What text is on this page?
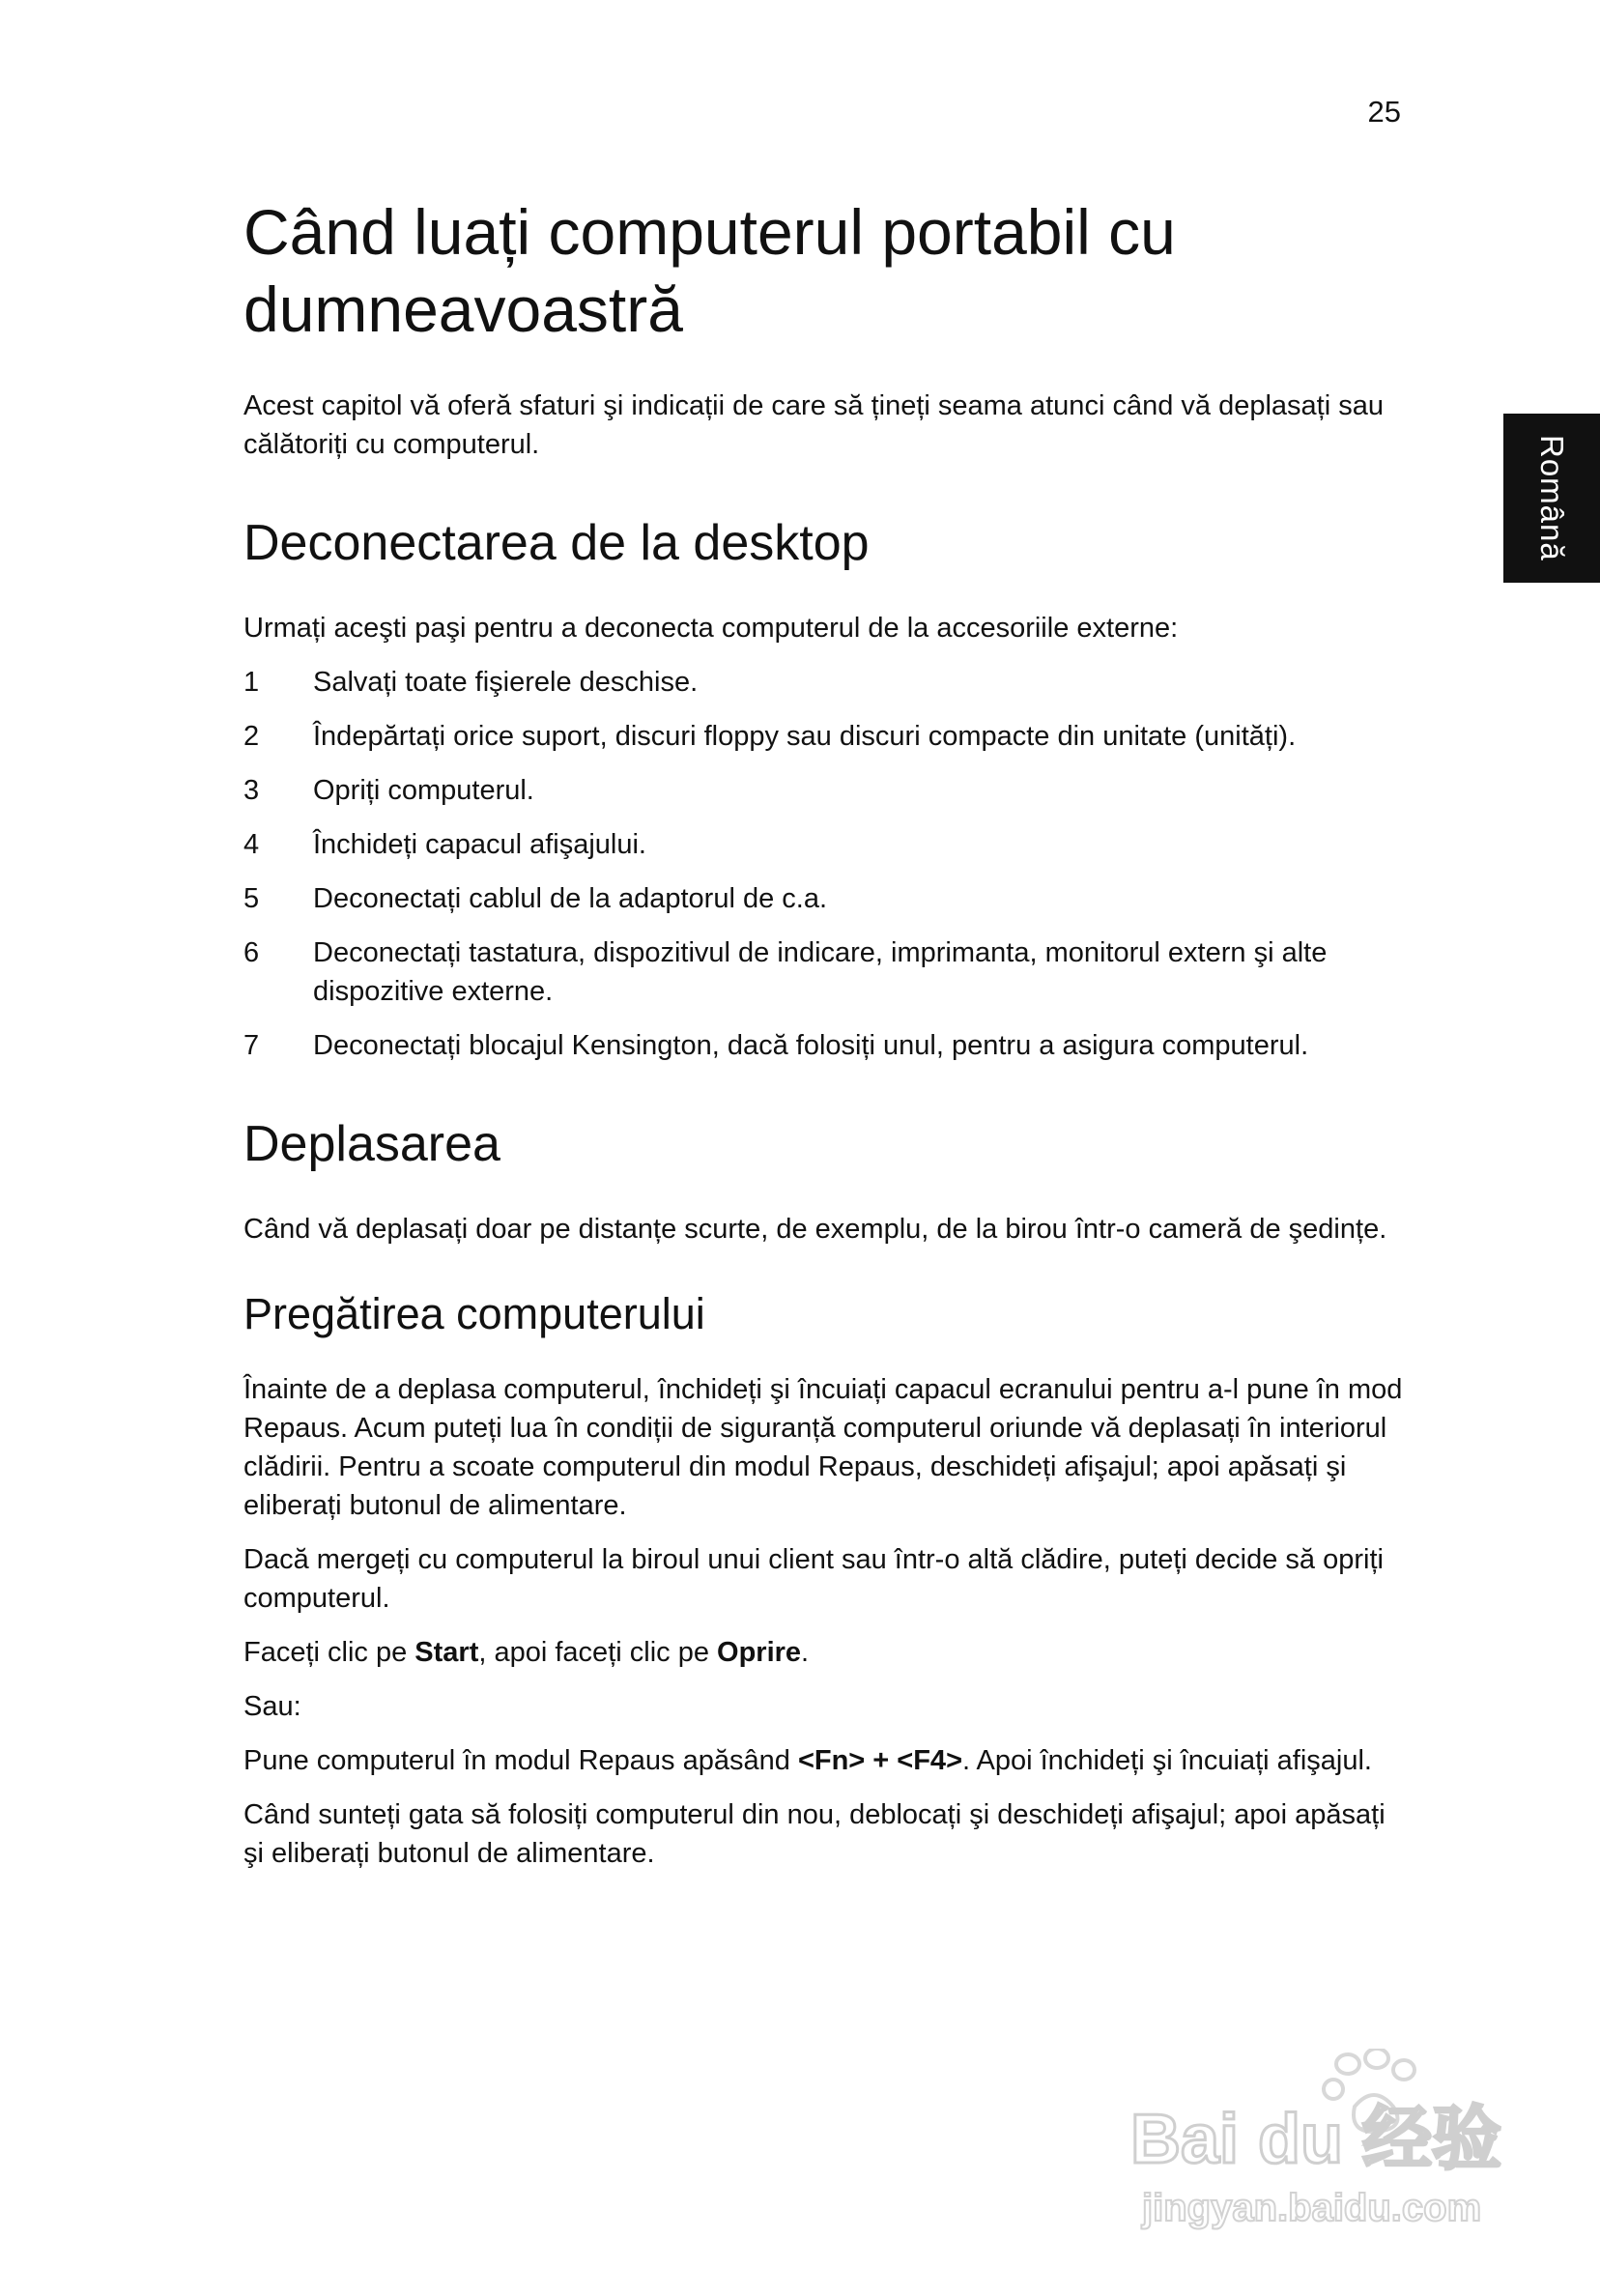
25
Română
Când luați computerul portabil cu dumneavoastră

Acest capitol vă oferă sfaturi şi indicații de care să țineți seama atunci când vă deplasați sau călătoriți cu computerul.

Deconectarea de la desktop

Urmați aceşti paşi pentru a deconecta computerul de la accesoriile externe:

1	Salvați toate fişierele deschise.
2	Îndepărtați orice suport, discuri floppy sau discuri compacte din unitate (unități).
3	Opriți computerul.
4	Închideți capacul afişajului.
5	Deconectați cablul de la adaptorul de c.a.
6	Deconectați tastatura, dispozitivul de indicare, imprimanta, monitorul extern şi alte dispozitive externe.
7	Deconectați blocajul Kensington, dacă folosiți unul, pentru a asigura computerul.
Deplasarea

Când vă deplasați doar pe distanțe scurte, de exemplu, de la birou într-o cameră de şedințe.

Pregătirea computerului

Înainte de a deplasa computerul, închideți şi încuiați capacul ecranului pentru a-l pune în mod Repaus. Acum puteți lua în condiții de siguranță computerul oriunde vă deplasați în interiorul clădirii. Pentru a scoate computerul din modul Repaus, deschideți afişajul; apoi apăsați şi eliberați butonul de alimentare.

Dacă mergeți cu computerul la biroul unui client sau într-o altă clădire, puteți decide să opriți computerul.

Faceți clic pe Start, apoi faceți clic pe Oprire.

Sau:

Pune computerul în modul Repaus apăsând <Fn> + <F4>. Apoi închideți şi încuiați afişajul.

Când sunteți gata să folosiți computerul din nou, deblocați şi deschideți afişajul; apoi apăsați şi eliberați butonul de alimentare.

Bai du 经验
jingyan.baidu.com
